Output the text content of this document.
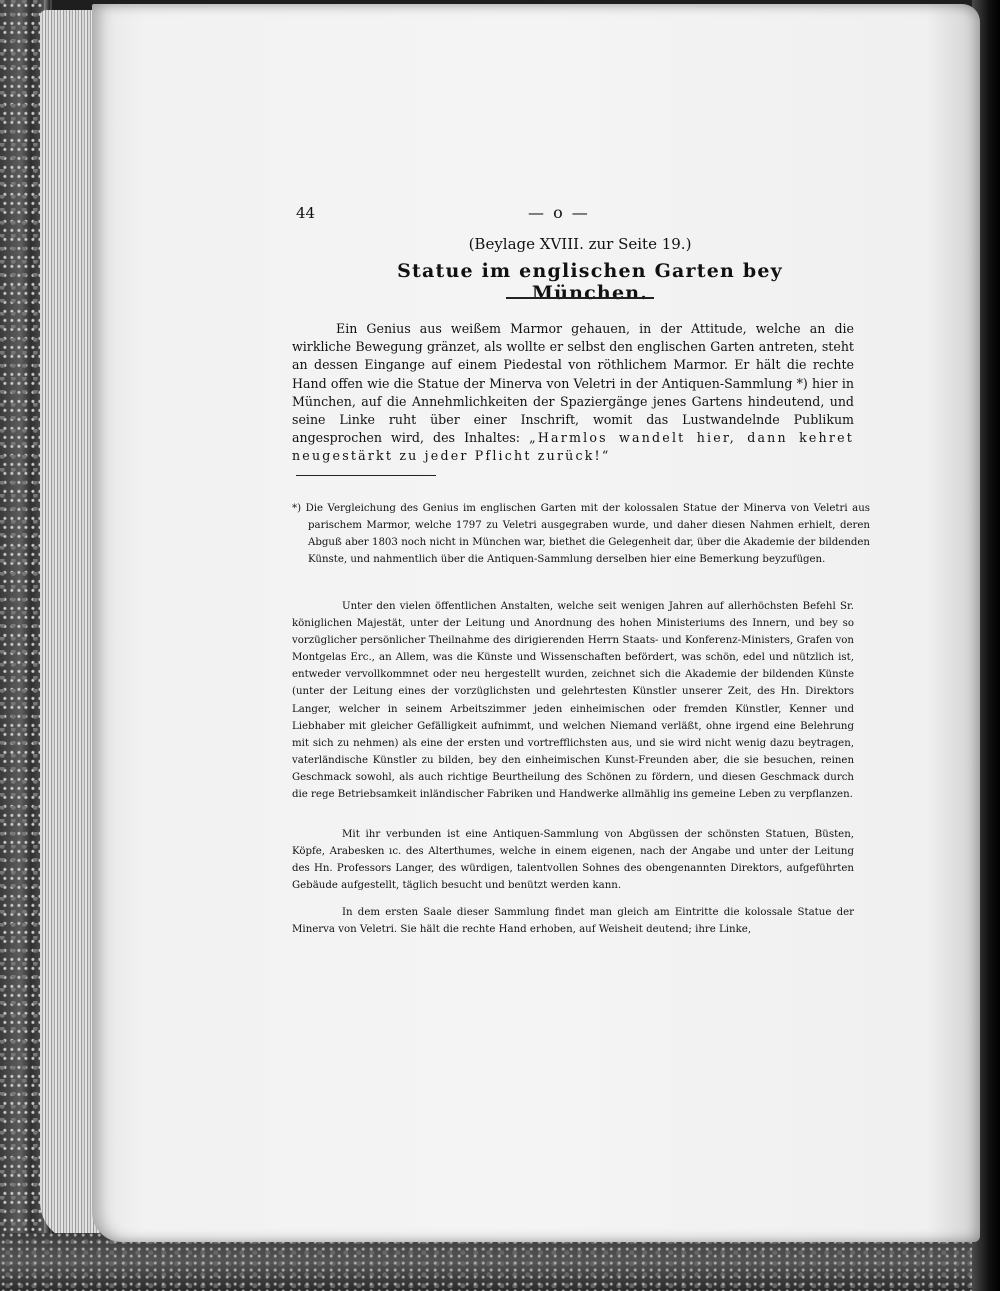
44	— o —
(Beylage XVIII. zur Seite 19.)
Statue im englischen Garten bey München.
Ein Genius aus weißem Marmor gehauen, in der Attitude, welche an die wirkliche Bewegung gränzet, als wollte er selbst den englischen Garten antreten, steht an dessen Eingange auf einem Piedestal von röthlichem Marmor. Er hält die rechte Hand offen wie die Statue der Minerva von Veletri in der Antiquen-Sammlung *) hier in München, auf die Annehmlichkeiten der Spaziergänge jenes Gartens hindeutend, und seine Linke ruht über einer Inschrift, womit das Lustwandelnde Publikum angesprochen wird, des Inhaltes: „Harmlos wandelt hier, dann kehret neugestärkt zu jeder Pflicht zurück!“

*) Die Vergleichung des Genius im englischen Garten mit der kolossalen Statue der Minerva von Veletri aus parischem Marmor, welche 1797 zu Veletri ausgegraben wurde, und daher diesen Nahmen erhielt, deren Abguß aber 1803 noch nicht in München war, biethet die Gelegenheit dar, über die Akademie der bildenden Künste, und nahmentlich über die Antiquen-Sammlung derselben hier eine Bemerkung beyzufügen.

Unter den vielen öffentlichen Anstalten, welche seit wenigen Jahren auf allerhöchsten Befehl Sr. königlichen Majestät, unter der Leitung und Anordnung des hohen Ministeriums des Innern, und bey so vorzüglicher persönlicher Theilnahme des dirigierenden Herrn Staats- und Konferenz-Ministers, Grafen von Montgelas Erc., an Allem, was die Künste und Wissenschaften befördert, was schön, edel und nützlich ist, entweder vervollkommnet oder neu hergestellt wurden, zeichnet sich die Akademie der bildenden Künste (unter der Leitung eines der vorzüglichsten und gelehrtesten Künstler unserer Zeit, des Hn. Direktors Langer, welcher in seinem Arbeitszimmer jeden einheimischen oder fremden Künstler, Kenner und Liebhaber mit gleicher Gefälligkeit aufnimmt, und welchen Niemand verläßt, ohne irgend eine Belehrung mit sich zu nehmen) als eine der ersten und vortrefflichsten aus, und sie wird nicht wenig dazu beytragen, vaterländische Künstler zu bilden, bey den einheimischen Kunst-Freunden aber, die sie besuchen, reinen Geschmack sowohl, als auch richtige Beurtheilung des Schönen zu fördern, und diesen Geschmack durch die rege Betriebsamkeit inländischer Fabriken und Handwerke allmählig ins gemeine Leben zu verpflanzen.

Mit ihr verbunden ist eine Antiquen-Sammlung von Abgüssen der schönsten Statuen, Büsten, Köpfe, Arabesken ıc. des Alterthumes, welche in einem eigenen, nach der Angabe und unter der Leitung des Hn. Professors Langer, des würdigen, talentvollen Sohnes des obengenannten Direktors, aufgeführten Gebäude aufgestellt, täglich besucht und benützt werden kann.

In dem ersten Saale dieser Sammlung findet man gleich am Eintritte die kolossale Statue der Minerva von Veletri. Sie hält die rechte Hand erhoben, auf Weisheit deutend; ihre Linke,
